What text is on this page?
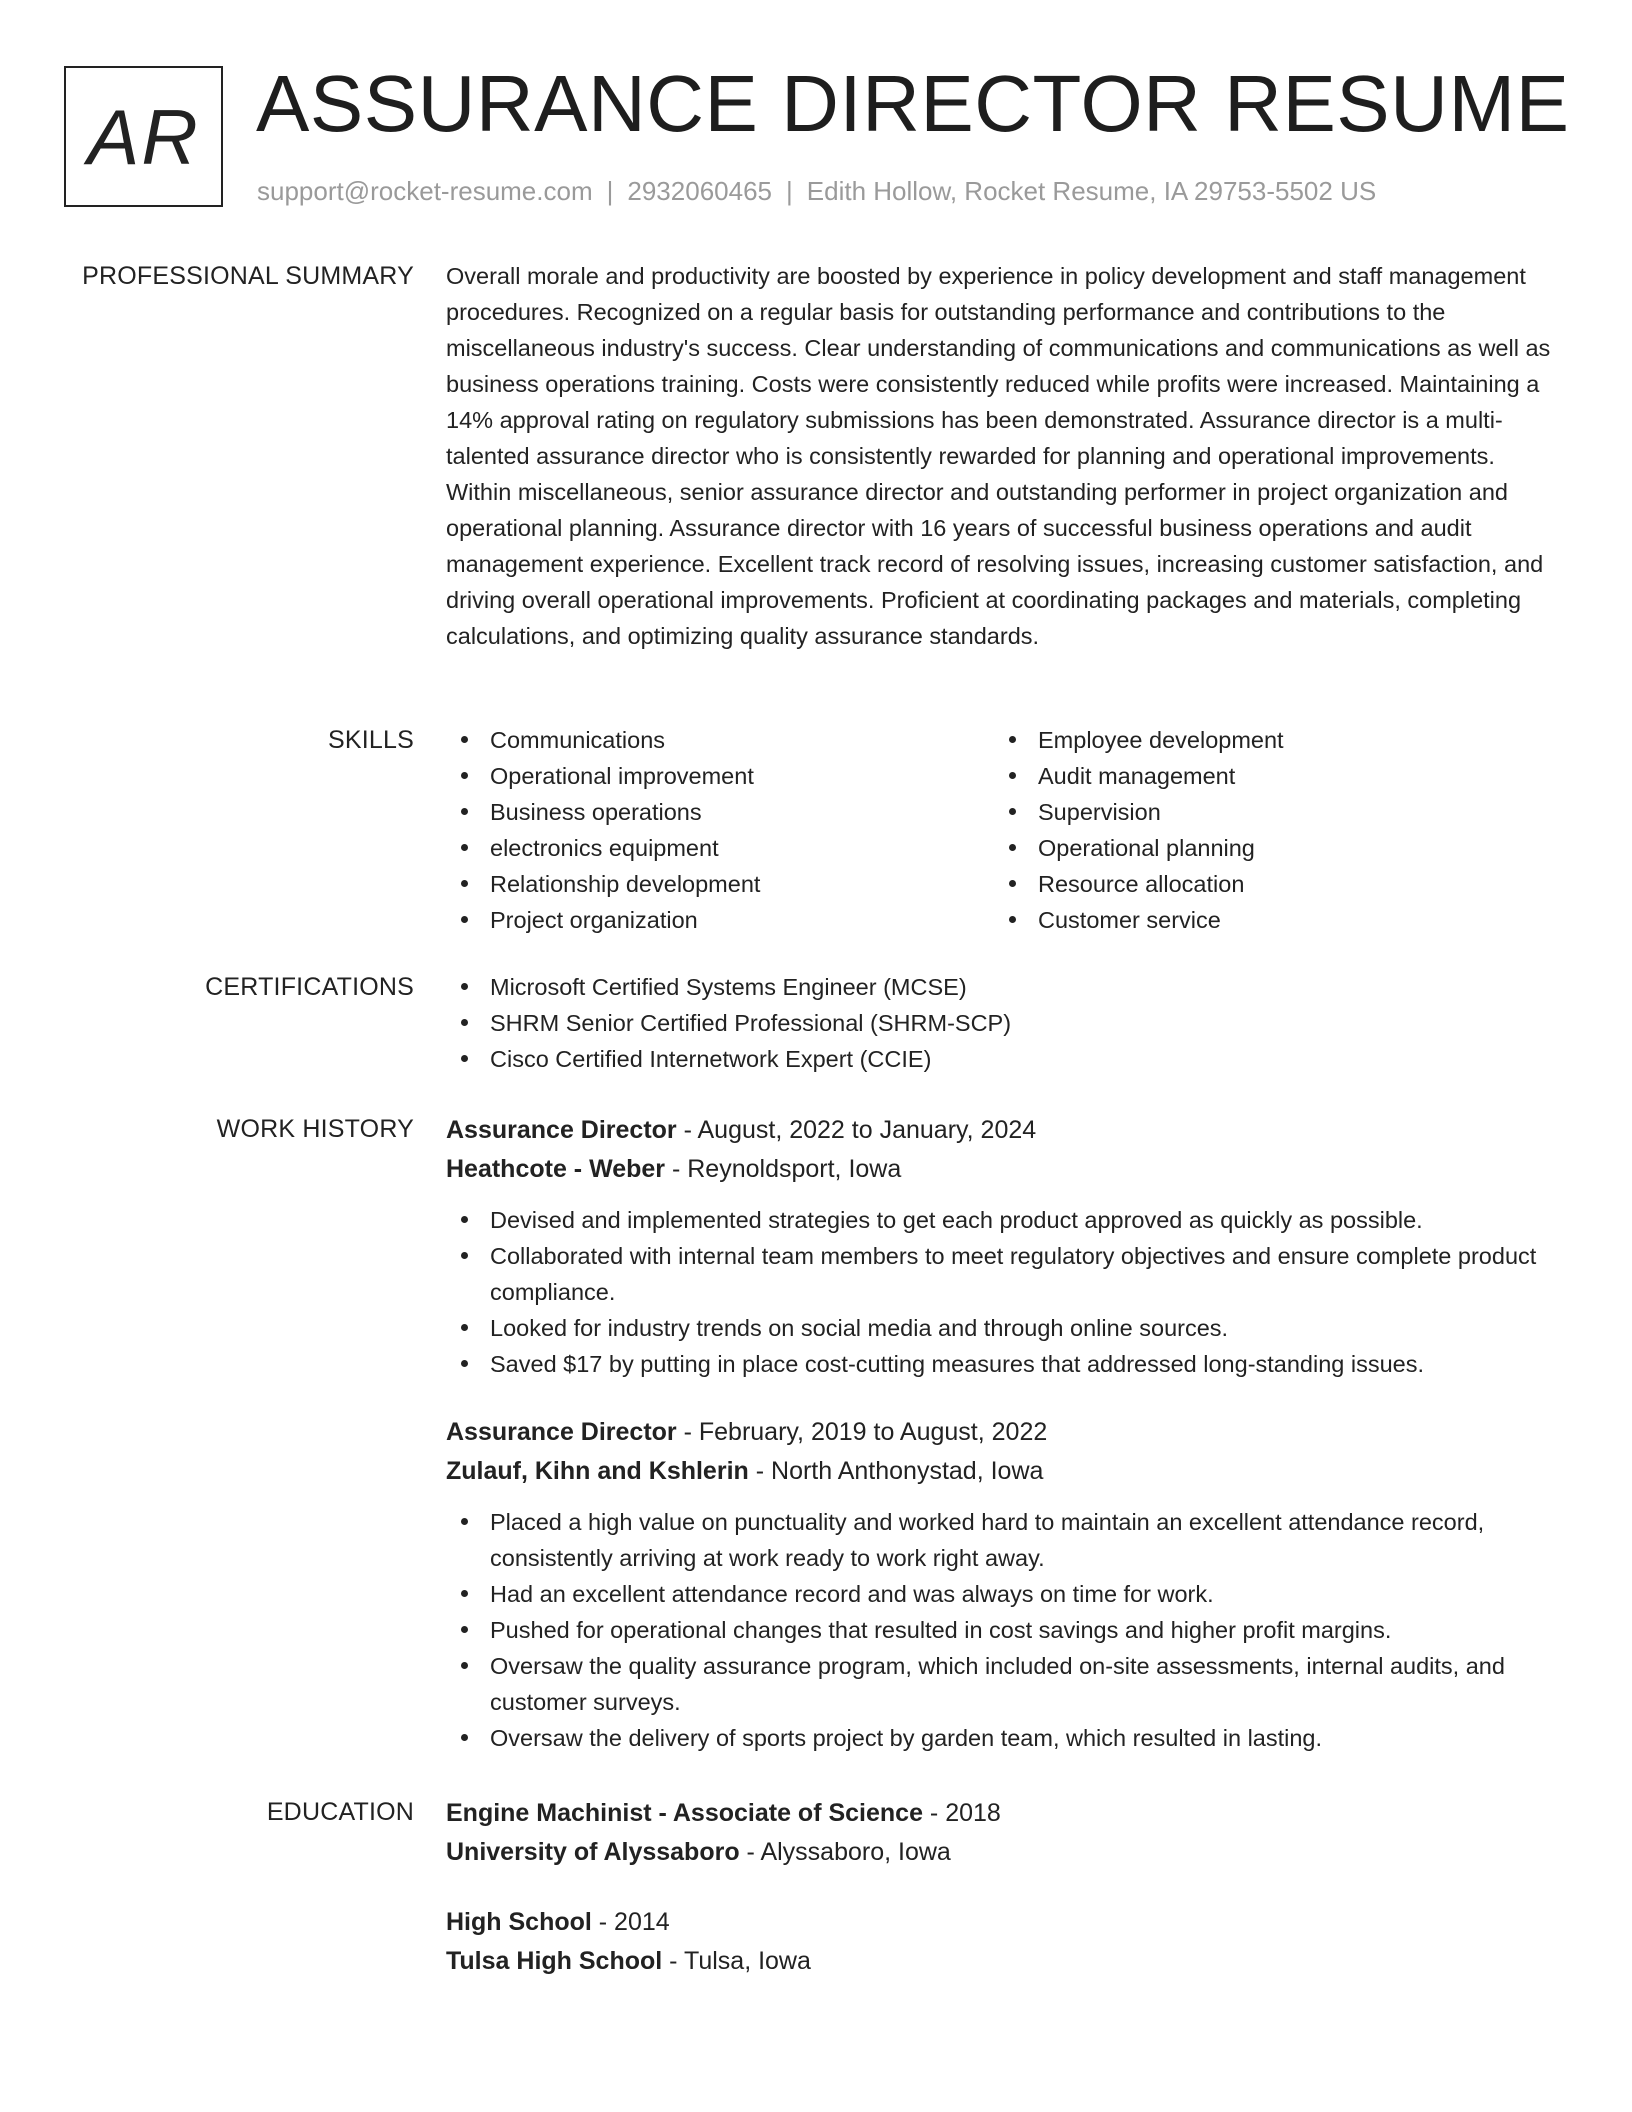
AR ASSURANCE DIRECTOR RESUME
support@rocket-resume.com | 2932060465 | Edith Hollow, Rocket Resume, IA 29753-5502 US
PROFESSIONAL SUMMARY Overall morale and productivity are boosted by experience in policy development and staff management procedures. Recognized on a regular basis for outstanding performance and contributions to the miscellaneous industry's success. Clear understanding of communications and communications as well as business operations training. Costs were consistently reduced while profits were increased. Maintaining a 14% approval rating on regulatory submissions has been demonstrated. Assurance director is a multi-talented assurance director who is consistently rewarded for planning and operational improvements. Within miscellaneous, senior assurance director and outstanding performer in project organization and operational planning. Assurance director with 16 years of successful business operations and audit management experience. Excellent track record of resolving issues, increasing customer satisfaction, and driving overall operational improvements. Proficient at coordinating packages and materials, completing calculations, and optimizing quality assurance standards.

SKILLS	Communications
Operational improvement
Business operations
electronics equipment
Relationship development
Project organization
Employee development
Audit management
Supervision
Operational planning
Resource allocation
Customer service
CERTIFICATIONS	Microsoft Certified Systems Engineer (MCSE)
SHRM Senior Certified Professional (SHRM-SCP)
Cisco Certified Internetwork Expert (CCIE)
WORK HISTORY Assurance Director - August, 2022 to January, 2024
Heathcote - Weber - Reynoldsport, Iowa
Devised and implemented strategies to get each product approved as quickly as possible.
Collaborated with internal team members to meet regulatory objectives and ensure complete product compliance.
Looked for industry trends on social media and through online sources.
Saved $17 by putting in place cost-cutting measures that addressed long-standing issues.
Assurance Director - February, 2019 to August, 2022
Zulauf, Kihn and Kshlerin - North Anthonystad, Iowa
Placed a high value on punctuality and worked hard to maintain an excellent attendance record, consistently arriving at work ready to work right away.
Had an excellent attendance record and was always on time for work.
Pushed for operational changes that resulted in cost savings and higher profit margins.
Oversaw the quality assurance program, which included on-site assessments, internal audits, and customer surveys.
Oversaw the delivery of sports project by garden team, which resulted in lasting.
EDUCATION Engine Machinist - Associate of Science - 2018
University of Alyssaboro - Alyssaboro, Iowa
High School - 2014
Tulsa High School - Tulsa, Iowa
